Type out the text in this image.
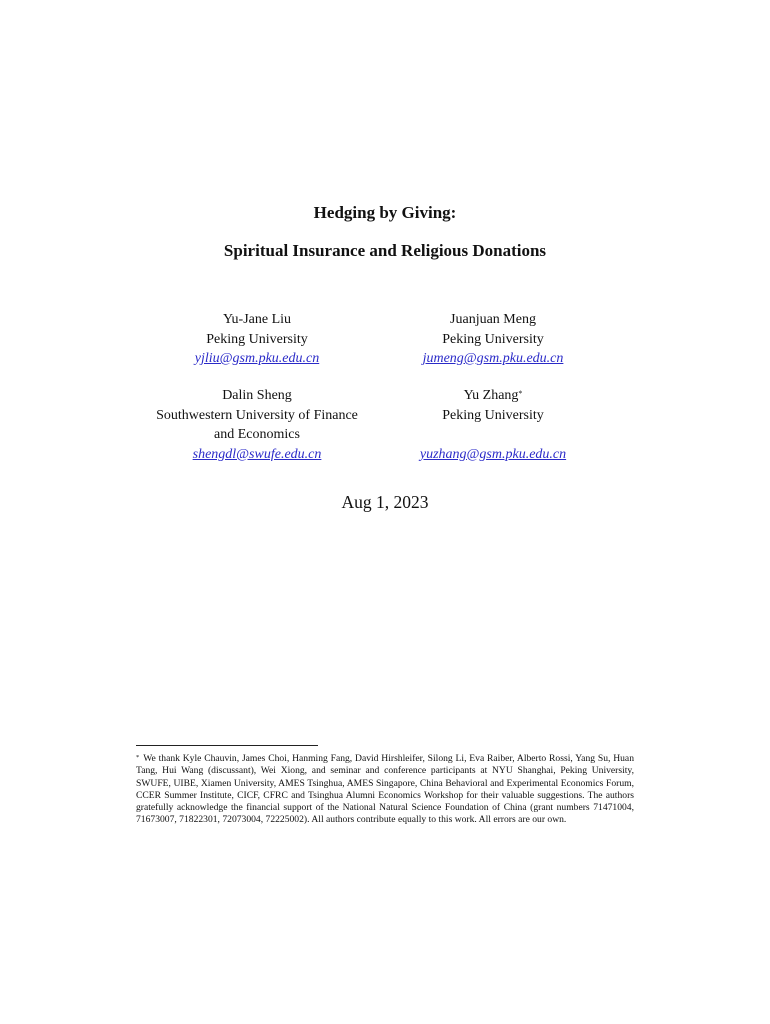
Hedging by Giving:
Spiritual Insurance and Religious Donations
Yu-Jane Liu
Peking University
yjliu@gsm.pku.edu.cn
Juanjuan Meng
Peking University
jumeng@gsm.pku.edu.cn
Dalin Sheng
Southwestern University of Finance
and Economics
shengdl@swufe.edu.cn
Yu Zhang*
Peking University
yuzhang@gsm.pku.edu.cn
Aug 1, 2023
* We thank Kyle Chauvin, James Choi, Hanming Fang, David Hirshleifer, Silong Li, Eva Raiber, Alberto Rossi, Yang Su, Huan Tang, Hui Wang (discussant), Wei Xiong, and seminar and conference participants at NYU Shanghai, Peking University, SWUFE, UIBE, Xiamen University, AMES Tsinghua, AMES Singapore, China Behavioral and Experimental Economics Forum, CCER Summer Institute, CICF, CFRC and Tsinghua Alumni Economics Workshop for their valuable suggestions. The authors gratefully acknowledge the financial support of the National Natural Science Foundation of China (grant numbers 71471004, 71673007, 71822301, 72073004, 72225002). All authors contribute equally to this work. All errors are our own.
